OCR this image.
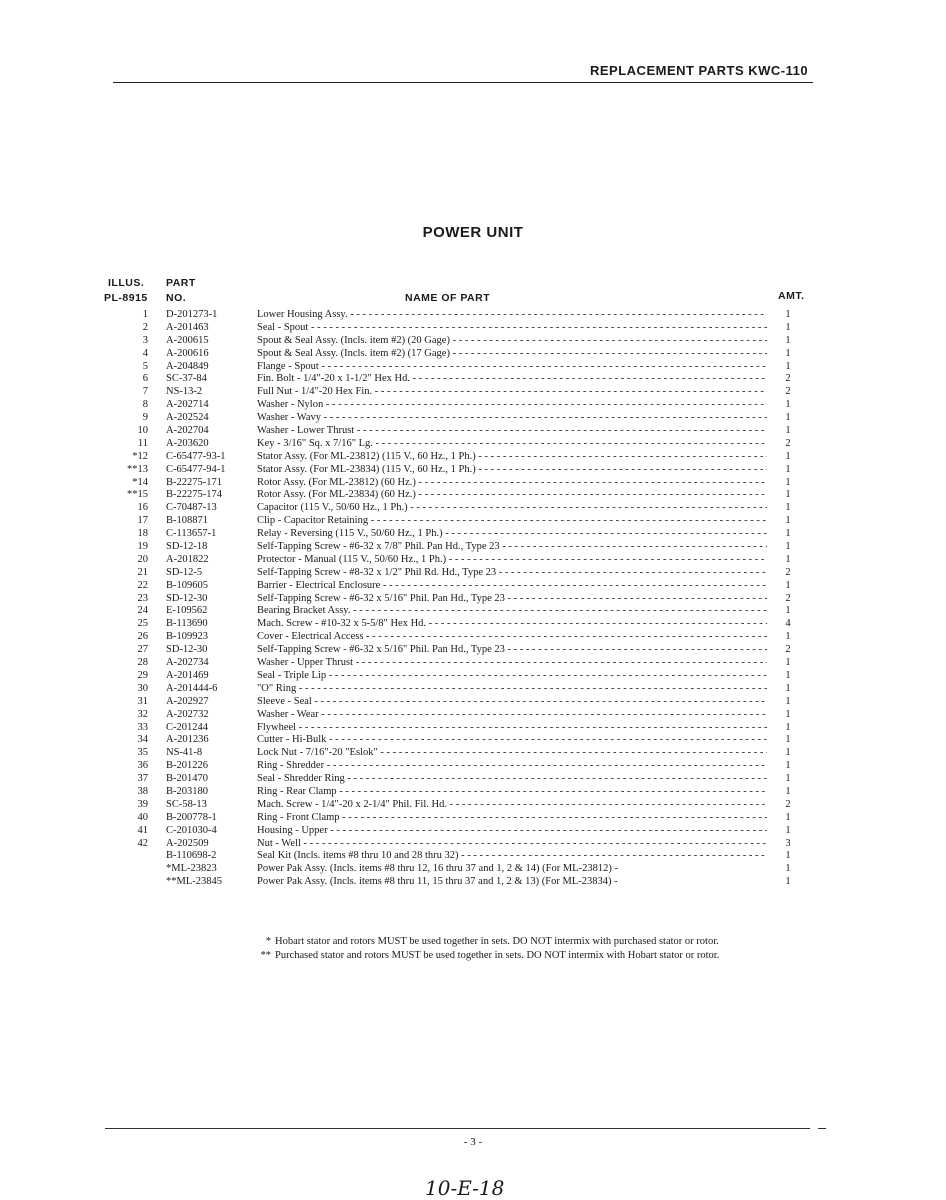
REPLACEMENT PARTS KWC-110
POWER UNIT
ILLUS.
PL-8915
PART
NO.	NAME OF PART	AMT.
1 D-201273-1	Lower Housing Assy. - - -	1
2 A-201463	Seal - Spout - - -	1
3 A-200615	Spout & Seal Assy. (Incls. item #2) (20 Gage) - - -	1
4 A-200616	Spout & Seal Assy. (Incls. item #2) (17 Gage) - - -	1
5 A-204849	Flange - Spout - - -	1
6 SC-37-84	Fin. Bolt - 1/4"-20 x 1-1/2" Hex Hd. - - -	2
7 NS-13-2	Full Nut - 1/4"-20 Hex Fin. - - -	2
8 A-202714	Washer - Nylon - - -	1
9 A-202524	Washer - Wavy - - -	1
10 A-202704	Washer - Lower Thrust - - -	1
11 A-203620	Key - 3/16" Sq. x 7/16" Lg. - - -	2
*12 C-65477-93-1	Stator Assy. (For ML-23812) (115 V., 60 Hz., 1 Ph.) - - -	1
**13 C-65477-94-1	Stator Assy. (For ML-23834) (115 V., 60 Hz., 1 Ph.) - - -	1
*14 B-22275-171	Rotor Assy. (For ML-23812) (60 Hz.) - - -	1
**15 B-22275-174	Rotor Assy. (For ML-23834) (60 Hz.) - - -	1
16 C-70487-13	Capacitor (115 V., 50/60 Hz., 1 Ph.) - - -	1
17 B-108871	Clip - Capacitor Retaining - - -	1
18 C-113657-1	Relay - Reversing (115 V., 50/60 Hz., 1 Ph.) - - -	1
19 SD-12-18	Self-Tapping Screw - #6-32 x 7/8" Phil. Pan Hd., Type 23 - - -	1
20 A-201822	Protector - Manual (115 V., 50/60 Hz., 1 Ph.) - - -	1
21 SD-12-5	Self-Tapping Screw - #8-32 x 1/2" Phil Rd. Hd., Type 23 - - -	2
22 B-109605	Barrier - Electrical Enclosure - - -	1
23 SD-12-30	Self-Tapping Screw - #6-32 x 5/16" Phil. Pan Hd., Type 23 - - -	2
24 E-109562	Bearing Bracket Assy. - - -	1
25 B-113690	Mach. Screw - #10-32 x 5-5/8" Hex Hd. - - -	4
26 B-109923	Cover - Electrical Access - - -	1
27 SD-12-30	Self-Tapping Screw - #6-32 x 5/16" Phil. Pan Hd., Type 23 - - -	2
28 A-202734	Washer - Upper Thrust - - -	1
29 A-201469	Seal - Triple Lip - - -	1
30 A-201444-6	"O" Ring - - -	1
31 A-202927	Sleeve - Seal - - -	1
32 A-202732	Washer - Wear - - -	1
33 C-201244	Flywheel - - -	1
34 A-201236	Cutter - Hi-Bulk - - -	1
35 NS-41-8	Lock Nut - 7/16"-20 "Eslok" - - -	1
36 B-201226	Ring - Shredder - - -	1
37 B-201470	Seal - Shredder Ring - - -	1
38 B-203180	Ring - Rear Clamp - - -	1
39 SC-58-13	Mach. Screw - 1/4"-20 x 2-1/4" Phil. Fil. Hd. - - -	2
40 B-200778-1	Ring - Front Clamp - - -	1
41 C-201030-4	Housing - Upper - - -	1
42 A-202509	Nut - Well - - -	3
B-110698-2	Seal Kit (Incls. items #8 thru 10 and 28 thru 32) - - -	1
*ML-23823	Power Pak Assy. (Incls. items #8 thru 12, 16 thru 37 and 1, 2 & 14) (For ML-23812) -	1
**ML-23845	Power Pak Assy. (Incls. items #8 thru 11, 15 thru 37 and 1, 2 & 13) (For ML-23834) -	1
* Hobart stator and rotors MUST be used together in sets. DO NOT intermix with purchased stator or rotor.
** Purchased stator and rotors MUST be used together in sets. DO NOT intermix with Hobart stator or rotor.
- 3 -
10-E-18
